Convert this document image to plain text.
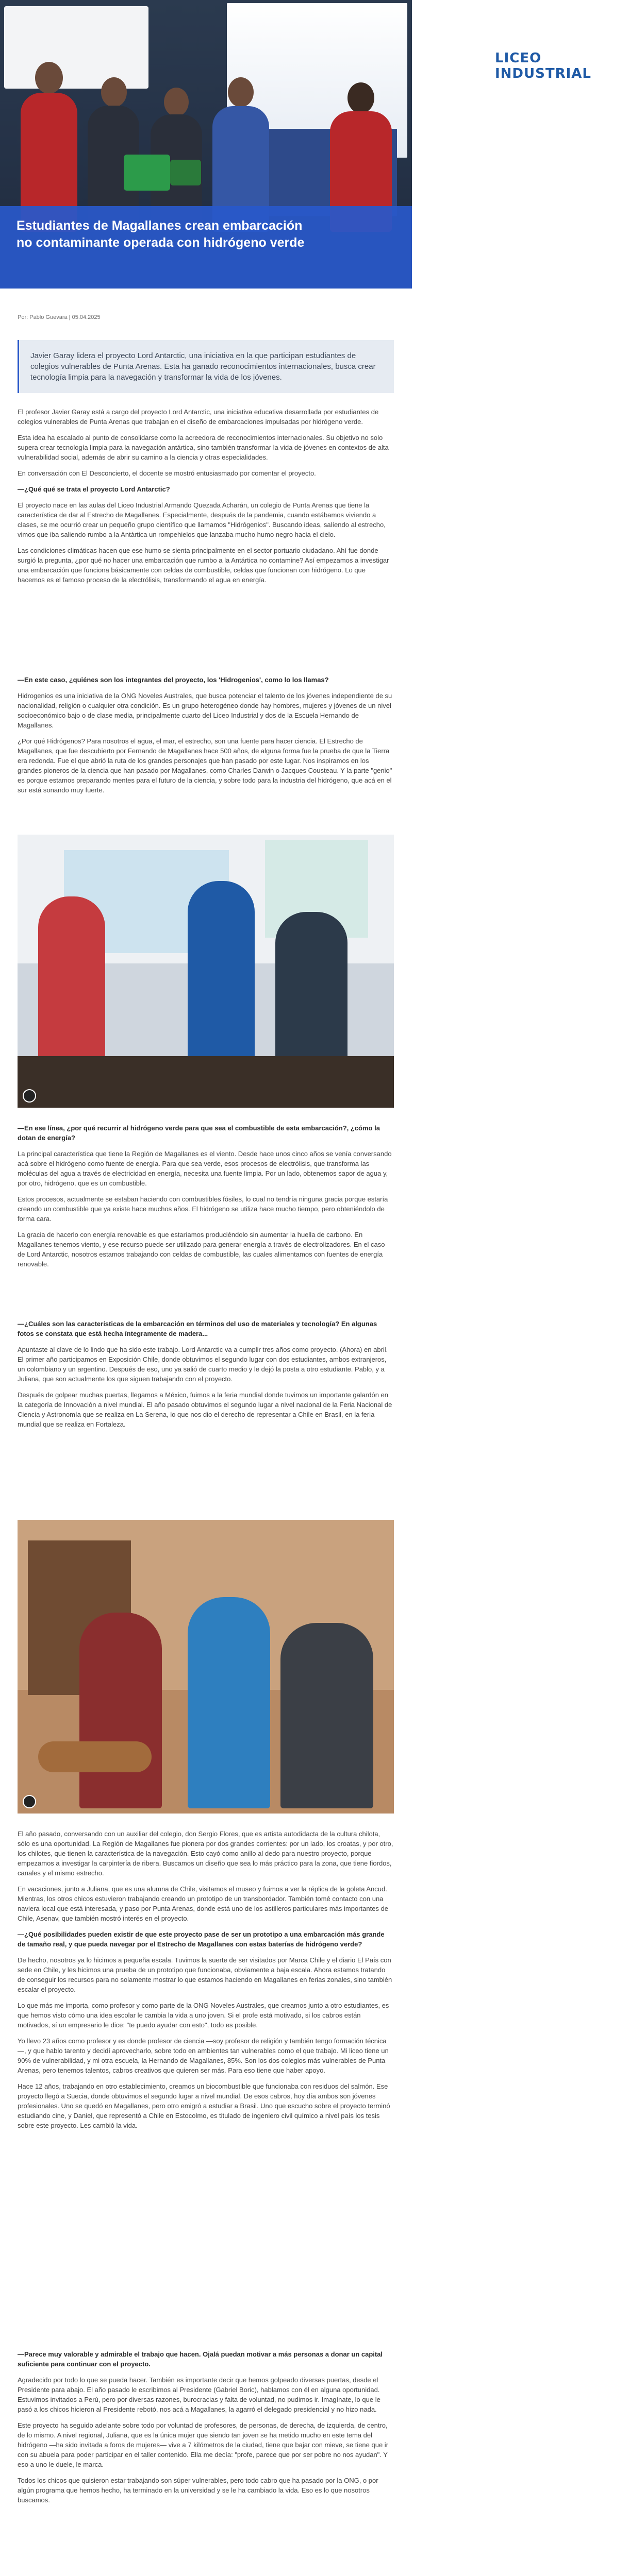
LICEO INDUSTRIAL
Estudiantes de Magallanes crean embarcación no contaminante operada con hidrógeno verde
Por: Pablo Guevara | 05.04.2025
Javier Garay lidera el proyecto Lord Antarctic, una iniciativa en la que participan estudiantes de colegios vulnerables de Punta Arenas. Esta ha ganado reconocimientos internacionales, busca crear tecnología limpia para la navegación y transformar la vida de los jóvenes.

El profesor Javier Garay está a cargo del proyecto Lord Antarctic, una iniciativa educativa desarrollada por estudiantes de colegios vulnerables de Punta Arenas que trabajan en el diseño de embarcaciones impulsadas por hidrógeno verde.

Esta idea ha escalado al punto de consolidarse como la acreedora de reconocimientos internacionales. Su objetivo no solo supera crear tecnología limpia para la navegación antártica, sino también transformar la vida de jóvenes en contextos de alta vulnerabilidad social, además de abrir su camino a la ciencia y otras especialidades.

En conversación con El Desconcierto, el docente se mostró entusiasmado por comentar el proyecto.

—¿Qué qué se trata el proyecto Lord Antarctic?

El proyecto nace en las aulas del Liceo Industrial Armando Quezada Acharán, un colegio de Punta Arenas que tiene la característica de dar al Estrecho de Magallanes. Especialmente, después de la pandemia, cuando estábamos viviendo a clases, se me ocurrió crear un pequeño grupo científico que llamamos "Hidrógenios". Buscando ideas, salíendo al estrecho, vimos que iba saliendo rumbo a la Antártica un rompehielos que lanzaba mucho humo negro hacia el cielo.

Las condiciones climáticas hacen que ese humo se sienta principalmente en el sector portuario ciudadano. Ahí fue donde surgió la pregunta, ¿por qué no hacer una embarcación que rumbo a la Antártica no contamine? Así empezamos a investigar una embarcación que funciona básicamente con celdas de combustible, celdas que funcionan con hidrógeno. Lo que hacemos es el famoso proceso de la electrólisis, transformando el agua en energía.

—En este caso, ¿quiénes son los integrantes del proyecto, los 'Hidrogenios', como lo los llamas?

Hidrogenios es una iniciativa de la ONG Noveles Australes, que busca potenciar el talento de los jóvenes independiente de su nacionalidad, religión o cualquier otra condición. Es un grupo heterogéneo donde hay hombres, mujeres y jóvenes de un nivel socioeconómico bajo o de clase media, principalmente cuarto del Liceo Industrial y dos de la Escuela Hernando de Magallanes.

¿Por qué Hidrógenos? Para nosotros el agua, el mar, el estrecho, son una fuente para hacer ciencia. El Estrecho de Magallanes, que fue descubierto por Fernando de Magallanes hace 500 años, de alguna forma fue la prueba de que la Tierra era redonda. Fue el que abrió la ruta de los grandes personajes que han pasado por este lugar. Nos inspiramos en los grandes pioneros de la ciencia que han pasado por Magallanes, como Charles Darwin o Jacques Cousteau. Y la parte "genio" es porque estamos preparando mentes para el futuro de la ciencia, y sobre todo para la industria del hidrógeno, que acá en el sur está sonando muy fuerte.

—En ese línea, ¿por qué recurrir al hidrógeno verde para que sea el combustible de esta embarcación?, ¿cómo la dotan de energía?

La principal característica que tiene la Región de Magallanes es el viento. Desde hace unos cinco años se venía conversando acá sobre el hidrógeno como fuente de energía. Para que sea verde, esos procesos de electrólisis, que transforma las moléculas del agua a través de electricidad en energía, necesita una fuente limpia. Por un lado, obtenemos sapor de agua y, por otro, hidrógeno, que es un combustible.

Estos procesos, actualmente se estaban haciendo con combustibles fósiles, lo cual no tendría ninguna gracia porque estaría creando un combustible que ya existe hace muchos años. El hidrógeno se utiliza hace mucho tiempo, pero obteniéndolo de forma cara.

La gracia de hacerlo con energía renovable es que estaríamos produciéndolo sin aumentar la huella de carbono. En Magallanes tenemos viento, y ese recurso puede ser utilizado para generar energía a través de electrolizadores. En el caso de Lord Antarctic, nosotros estamos trabajando con celdas de combustible, las cuales alimentamos con fuentes de energía renovable.

—¿Cuáles son las características de la embarcación en términos del uso de materiales y tecnología? En algunas fotos se constata que está hecha íntegramente de madera...

Apuntaste al clave de lo lindo que ha sido este trabajo. Lord Antarctic va a cumplir tres años como proyecto. (Ahora) en abril. El primer año participamos en Exposición Chile, donde obtuvimos el segundo lugar con dos estudiantes, ambos extranjeros, un colombiano y un argentino. Después de eso, uno ya salió de cuarto medio y le dejó la posta a otro estudiante. Pablo, y a Juliana, que son actualmente los que siguen trabajando con el proyecto.

Después de golpear muchas puertas, llegamos a México, fuimos a la feria mundial donde tuvimos un importante galardón en la categoría de Innovación a nivel mundial. El año pasado obtuvimos el segundo lugar a nivel nacional de la Feria Nacional de Ciencia y Astronomía que se realiza en La Serena, lo que nos dio el derecho de representar a Chile en Brasil, en la feria mundial que se realiza en Fortaleza.

El año pasado, conversando con un auxiliar del colegio, don Sergio Flores, que es artista autodidacta de la cultura chilota, sólo es una oportunidad. La Región de Magallanes fue pionera por dos grandes corrientes: por un lado, los croatas, y por otro, los chilotes, que tienen la característica de la navegación. Esto cayó como anillo al dedo para nuestro proyecto, porque empezamos a investigar la carpintería de ribera. Buscamos un diseño que sea lo más práctico para la zona, que tiene fiordos, canales y el mismo estrecho.

En vacaciones, junto a Juliana, que es una alumna de Chile, visitamos el museo y fuimos a ver la réplica de la goleta Ancud. Mientras, los otros chicos estuvieron trabajando creando un prototipo de un transbordador. También tomé contacto con una naviera local que está interesada, y paso por Punta Arenas, donde está uno de los astilleros particulares más importantes de Chile, Asenav, que también mostró interés en el proyecto.

—¿Qué posibilidades pueden existir de que este proyecto pase de ser un prototipo a una embarcación más grande de tamaño real, y que pueda navegar por el Estrecho de Magallanes con estas baterías de hidrógeno verde?

De hecho, nosotros ya lo hicimos a pequeña escala. Tuvimos la suerte de ser visitados por Marca Chile y el diario El País con sede en Chile, y les hicimos una prueba de un prototipo que funcionaba, obviamente a baja escala. Ahora estamos tratando de conseguir los recursos para no solamente mostrar lo que estamos haciendo en Magallanes en ferias zonales, sino también escalar el proyecto.

Lo que más me importa, como profesor y como parte de la ONG Noveles Australes, que creamos junto a otro estudiantes, es que hemos visto cómo una idea escolar le cambia la vida a uno joven. Si el profe está motivado, si los cabros están motivados, sí un empresario le dice: "te puedo ayudar con esto", todo es posible.

Yo llevo 23 años como profesor y es donde profesor de ciencia —soy profesor de religión y también tengo formación técnica—, y que hablo tarento y decidí aprovecharlo, sobre todo en ambientes tan vulnerables como el que trabajo. Mi liceo tiene un 90% de vulnerabilidad, y mi otra escuela, la Hernando de Magallanes, 85%. Son los dos colegios más vulnerables de Punta Arenas, pero tenemos talentos, cabros creativos que quieren ser más. Para eso tiene que haber apoyo.

Hace 12 años, trabajando en otro establecimiento, creamos un biocombustible que funcionaba con residuos del salmón. Ese proyecto llegó a Suecia, donde obtuvimos el segundo lugar a nivel mundial. De esos cabros, hoy día ambos son jóvenes profesionales. Uno se quedó en Magallanes, pero otro emigró a estudiar a Brasil. Uno que escucho sobre el proyecto terminó estudiando cine, y Daniel, que representó a Chile en Estocolmo, es titulado de ingeniero civil químico a nivel país los tesis sobre este proyecto. Les cambió la vida.

—Parece muy valorable y admirable el trabajo que hacen. Ojalá puedan motivar a más personas a donar un capital suficiente para continuar con el proyecto.

Agradecido por todo lo que se pueda hacer. También es importante decir que hemos golpeado diversas puertas, desde el Presidente para abajo. El año pasado le escribimos al Presidente (Gabriel Boric), hablamos con él en alguna oportunidad. Estuvimos invitados a Perú, pero por diversas razones, burocracias y falta de voluntad, no pudimos ir. Imagínate, lo que le pasó a los chicos hicieron al Presidente rebotó, nos acá a Magallanes, la agarró el delegado presidencial y no hizo nada.

Este proyecto ha seguido adelante sobre todo por voluntad de profesores, de personas, de derecha, de izquierda, de centro, de lo mismo. A nivel regional, Juliana, que es la única mujer que siendo tan joven se ha metido mucho en este tema del hidrógeno —ha sido invitada a foros de mujeres— vive a 7 kilómetros de la ciudad, tiene que bajar con mieve, se tiene que ir con su abuela para poder participar en el taller contenido. Ella me decía: "profe, parece que por ser pobre no nos ayudan". Y eso a uno le duele, le marca.

Todos los chicos que quisieron estar trabajando son súper vulnerables, pero todo cabro que ha pasado por la ONG, o por algún programa que hemos hecho, ha terminado en la universidad y se le ha cambiado la vida. Eso es lo que nosotros buscamos.
